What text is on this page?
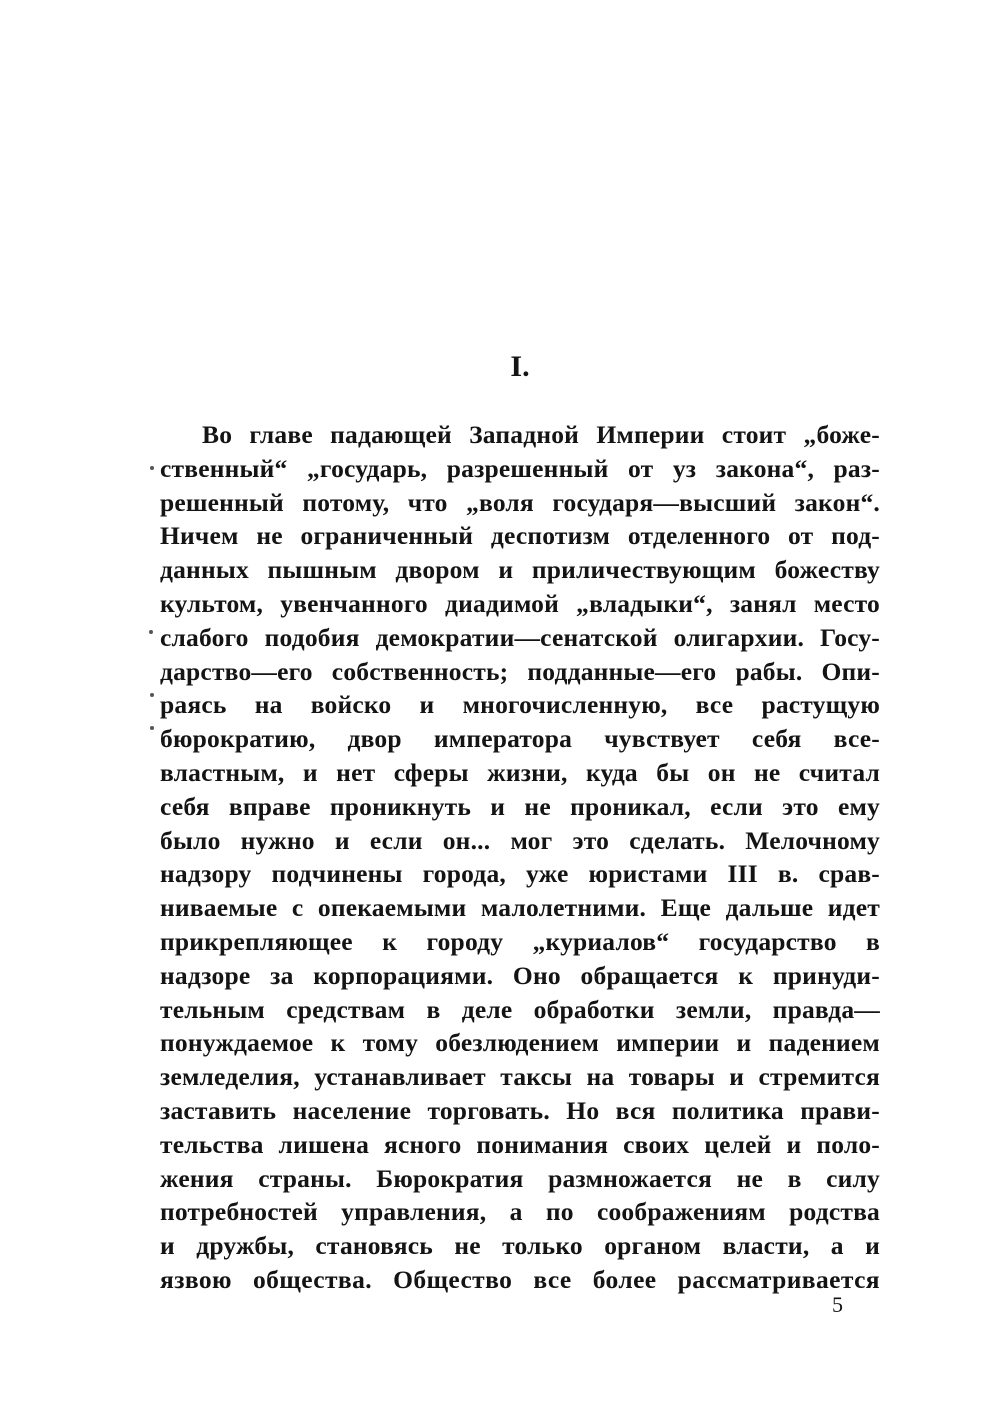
I.
Во главе падающей Западной Империи стоит „боже-
ственный“ „государь, разрешенный от уз закона“, раз-
решенный потому, что „воля государя—высший закон“.
Ничем не ограниченный деспотизм отделенного от под-
данных пышным двором и приличествующим божеству
культом, увенчанного диадимой „владыки“, занял место
слабого подобия демократии—сенатской олигархии. Госу-
дарство—его собственность; подданные—его рабы. Опи-
раясь на войско и многочисленную, все растущую
бюрократию, двор императора чувствует себя все-
властным, и нет сферы жизни, куда бы он не считал
себя вправе проникнуть и не проникал, если это ему
было нужно и если он... мог это сделать. Мелочному
надзору подчинены города, уже юристами III в. срав-
ниваемые с опекаемыми малолетними. Еще дальше идет
прикрепляющее к городу „куриалов“ государство в
надзоре за корпорациями. Оно обращается к принуди-
тельным средствам в деле обработки земли, правда—
понуждаемое к тому обезлюдением империи и падением
земледелия, устанавливает таксы на товары и стремится
заставить население торговать. Но вся политика прави-
тельства лишена ясного понимания своих целей и поло-
жения страны. Бюрократия размножается не в силу
потребностей управления, а по соображениям родства
и дружбы, становясь не только органом власти, а и
язвою общества. Общество все более рассматривается
5
